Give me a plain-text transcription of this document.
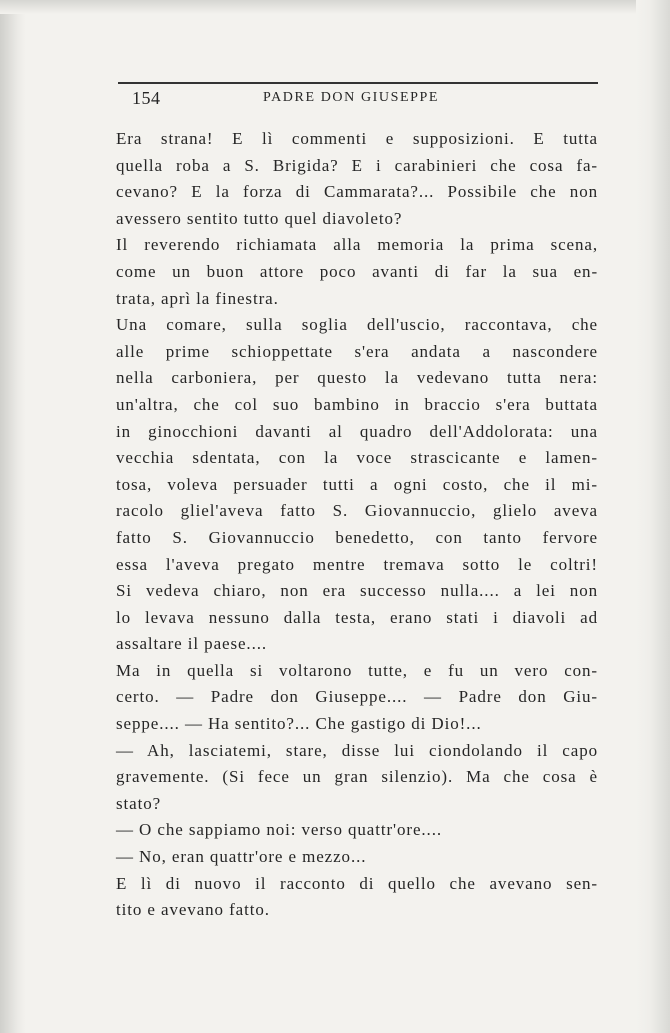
154	PADRE DON GIUSEPPE
Era strana! E lì commenti e supposizioni. E tutta
quella roba a S. Brigida? E i carabinieri che cosa fa-
cevano? E la forza di Cammarata?... Possibile che non
avessero sentito tutto quel diavoleto?
Il reverendo richiamata alla memoria la prima scena,
come un buon attore poco avanti di far la sua en-
trata, aprì la finestra.
Una comare, sulla soglia dell'uscio, raccontava, che
alle prime schioppettate s'era andata a nascondere
nella carboniera, per questo la vedevano tutta nera:
un'altra, che col suo bambino in braccio s'era buttata
in ginocchioni davanti al quadro dell'Addolorata: una
vecchia sdentata, con la voce strascicante e lamen-
tosa, voleva persuader tutti a ogni costo, che il mi-
racolo gliel'aveva fatto S. Giovannuccio, glielo aveva
fatto S. Giovannuccio benedetto, con tanto fervore
essa l'aveva pregato mentre tremava sotto le coltri!
Si vedeva chiaro, non era successo nulla.... a lei non
lo levava nessuno dalla testa, erano stati i diavoli ad
assaltare il paese....
Ma in quella si voltarono tutte, e fu un vero con-
certo. — Padre don Giuseppe.... — Padre don Giu-
seppe.... — Ha sentito?... Che gastigo di Dio!...
— Ah, lasciatemi, stare, disse lui ciondolando il capo
gravemente. (Si fece un gran silenzio). Ma che cosa è
stato?
— O che sappiamo noi: verso quattr'ore....
— No, eran quattr'ore e mezzo...
E lì di nuovo il racconto di quello che avevano sen-
tito e avevano fatto.
